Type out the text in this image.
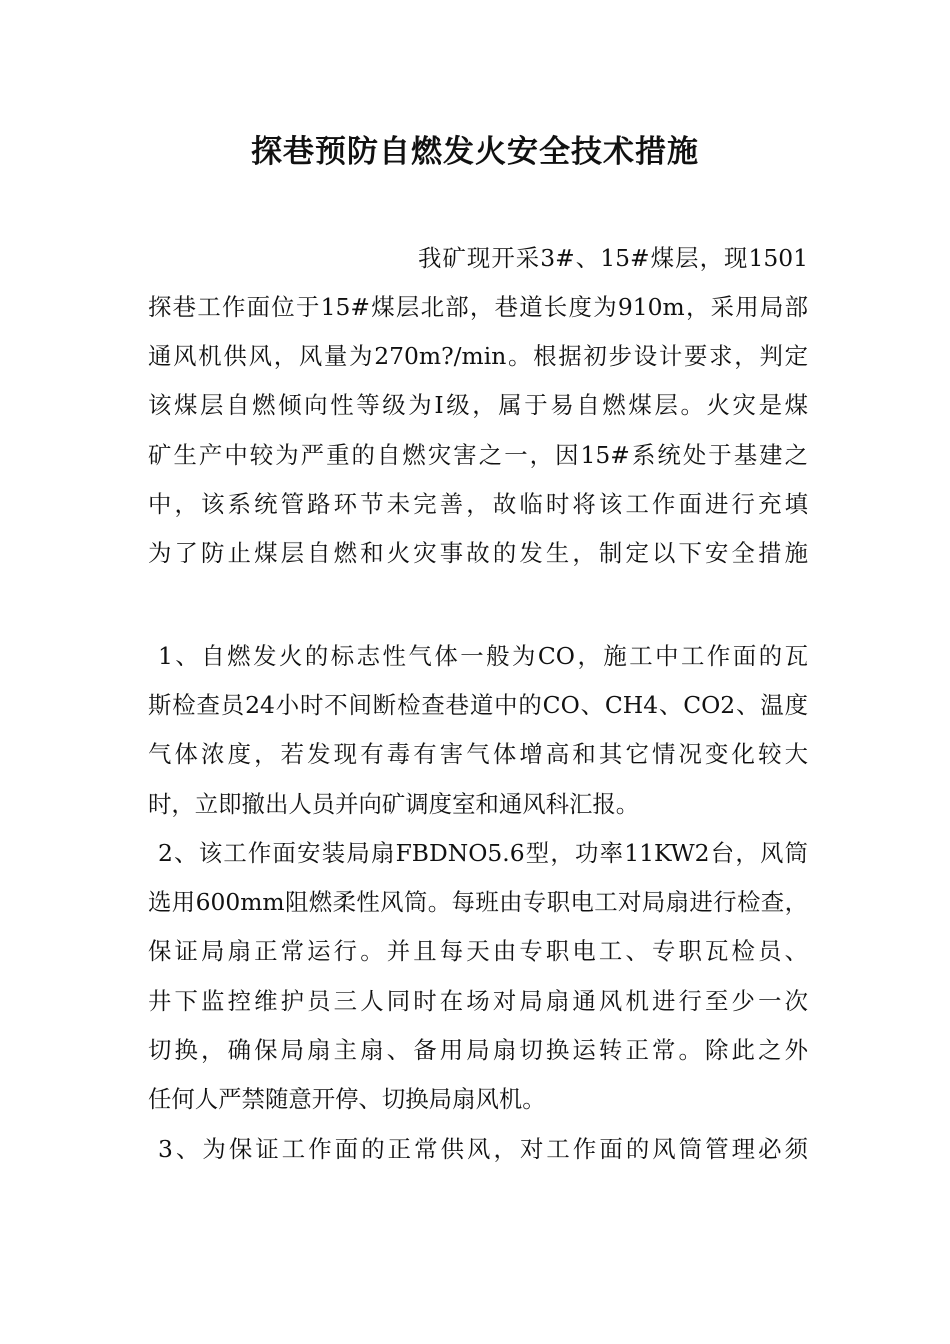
探巷预防自燃发火安全技术措施
我矿现开采3#、15#煤层，现1501
探巷工作面位于15#煤层北部，巷道长度为910m，采用局部
通风机供风，风量为270m?/min。根据初步设计要求，判定
该煤层自燃倾向性等级为Ⅰ级，属于易自燃煤层。火灾是煤
矿生产中较为严重的自燃灾害之一，因15#系统处于基建之
中，该系统管路环节未完善，故临时将该工作面进行充填
为了防止煤层自燃和火灾事故的发生，制定以下安全措施
1、自燃发火的标志性气体一般为CO，施工中工作面的瓦
斯检查员24小时不间断检查巷道中的CO、CH4、CO2、温度
气体浓度，若发现有毒有害气体增高和其它情况变化较大
时，立即撤出人员并向矿调度室和通风科汇报。
2、该工作面安装局扇FBDNO5.6型，功率11KW2台，风筒
选用600mm阻燃柔性风筒。每班由专职电工对局扇进行检查，
保证局扇正常运行。并且每天由专职电工、专职瓦检员、
井下监控维护员三人同时在场对局扇通风机进行至少一次
切换，确保局扇主扇、备用局扇切换运转正常。除此之外
任何人严禁随意开停、切换局扇风机。
3、为保证工作面的正常供风，对工作面的风筒管理必须
